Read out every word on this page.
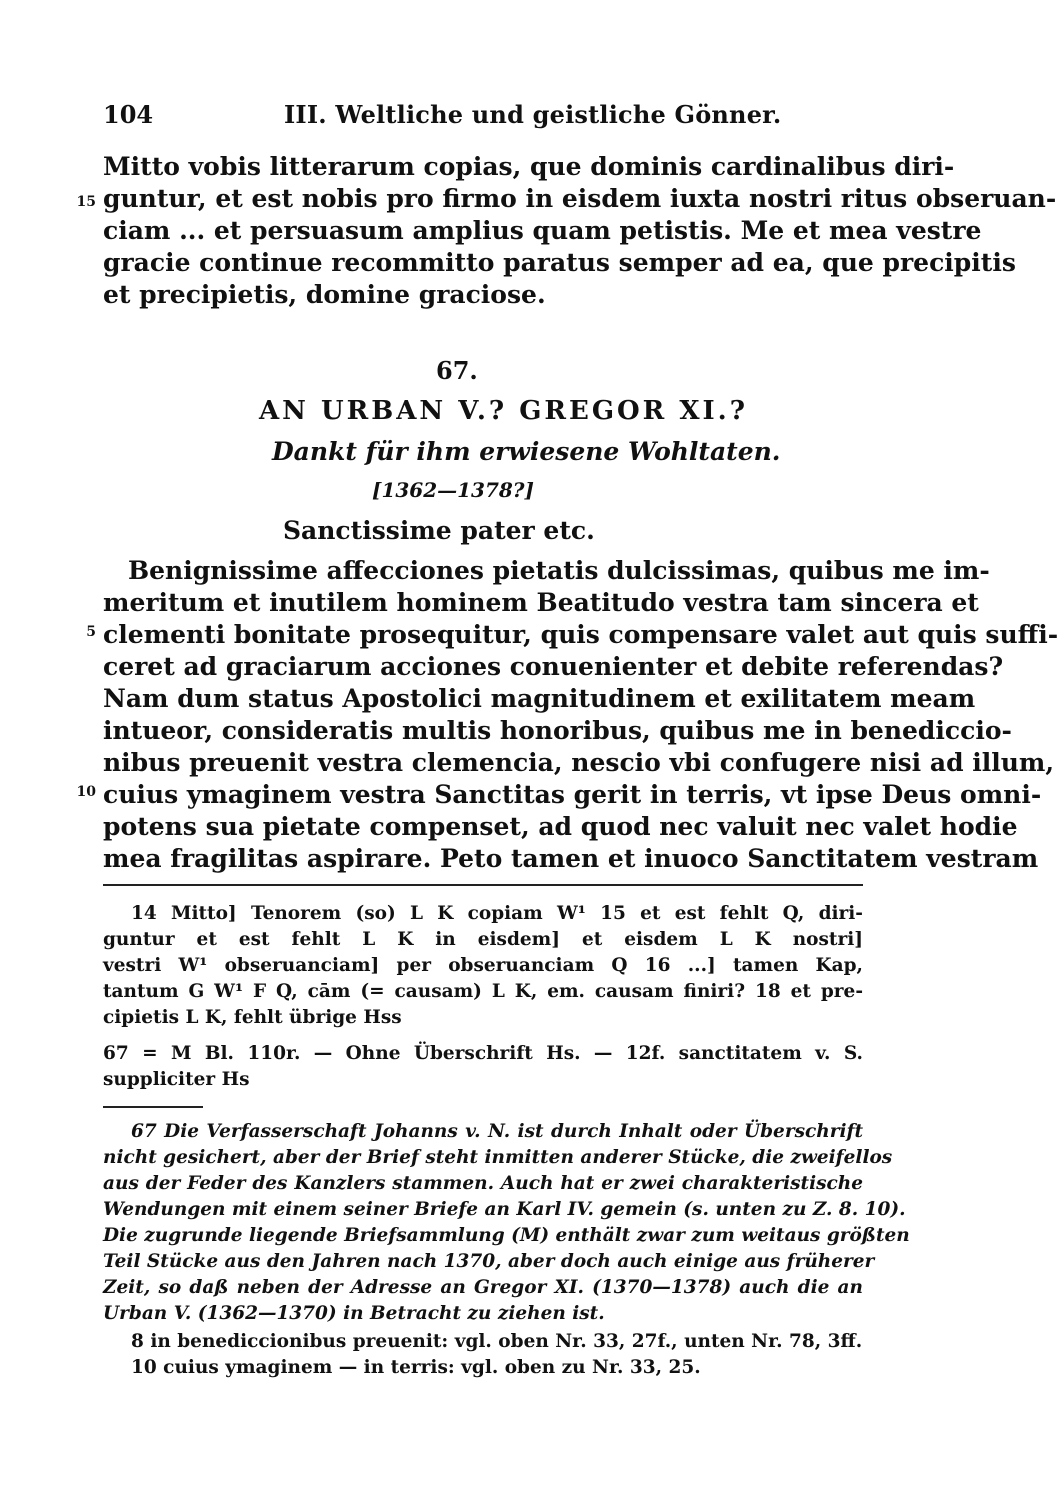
104	III. Weltliche und geistliche Gönner.
Mitto vobis litterarum copias, que dominis cardinalibus diri-
guntur, et est nobis pro firmo in eisdem iuxta nostri ritus obseruan-
ciam ... et persuasum amplius quam petistis. Me et mea vestre
gracie continue recommitto paratus semper ad ea, que precipitis
et precipietis, domine graciose.
15
67.
AN URBAN V.? GREGOR XI.?
Dankt für ihm erwiesene Wohltaten.
[1362—1378?]
Sanctissime pater etc.
Benignissime affecciones pietatis dulcissimas, quibus me im-
meritum et inutilem hominem Beatitudo vestra tam sincera et
clementi bonitate prosequitur, quis compensare valet aut quis suffi-
ceret ad graciarum acciones conuenienter et debite referendas?
Nam dum status Apostolici magnitudinem et exilitatem meam
intueor, consideratis multis honoribus, quibus me in benediccio-
nibus preuenit vestra clemencia, nescio vbi confugere nisi ad illum,
cuius ymaginem vestra Sanctitas gerit in terris, vt ipse Deus omni-
potens sua pietate compenset, ad quod nec valuit nec valet hodie
mea fragilitas aspirare. Peto tamen et inuoco Sanctitatem vestram
5
10
14 Mitto] Tenorem (so) L K copiam W¹ 15 et est fehlt Q, diri-
guntur et est fehlt L K in eisdem] et eisdem L K nostri]
vestri W¹ obseruanciam] per obseruanciam Q 16 ...] tamen Kap,
tantum G W¹ F Q, cām (= causam) L K, em. causam finiri? 18 et pre-
cipietis L K, fehlt übrige Hss
67 = M Bl. 110r. — Ohne Überschrift Hs. — 12f. sanctitatem v. S.
suppliciter Hs
67 Die Verfasserschaft Johanns v. N. ist durch Inhalt oder Überschrift
nicht gesichert, aber der Brief steht inmitten anderer Stücke, die zweifellos
aus der Feder des Kanzlers stammen. Auch hat er zwei charakteristische
Wendungen mit einem seiner Briefe an Karl IV. gemein (s. unten zu Z. 8. 10).
Die zugrunde liegende Briefsammlung (M) enthält zwar zum weitaus größten
Teil Stücke aus den Jahren nach 1370, aber doch auch einige aus früherer
Zeit, so daß neben der Adresse an Gregor XI. (1370—1378) auch die an
Urban V. (1362—1370) in Betracht zu ziehen ist.
8 in benediccionibus preuenit: vgl. oben Nr. 33, 27f., unten Nr. 78, 3ff.
10 cuius ymaginem — in terris: vgl. oben zu Nr. 33, 25.
